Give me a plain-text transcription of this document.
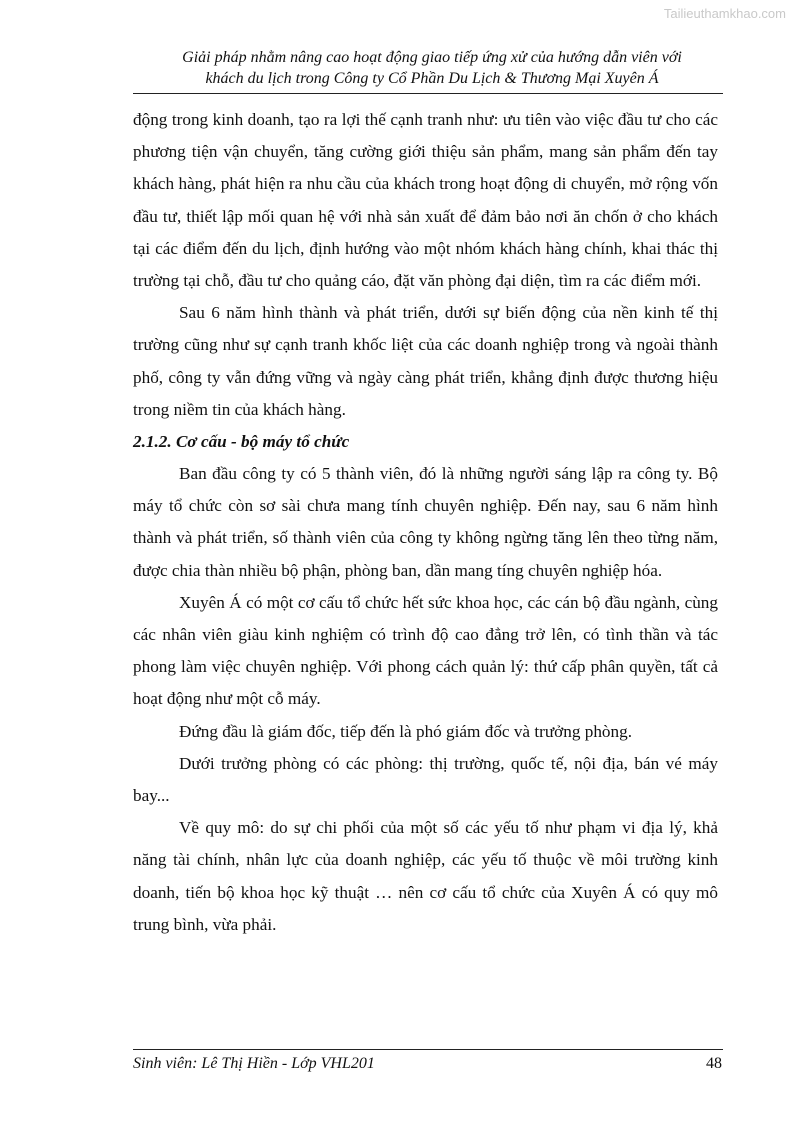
Tailieuthamkhao.com
Giải pháp nhằm nâng cao hoạt động giao tiếp ứng xử của hướng dẫn viên với
khách du lịch trong Công ty Cổ Phần Du Lịch & Thương Mại Xuyên Á

động trong kinh doanh, tạo ra lợi thế cạnh tranh như: ưu tiên vào việc đầu tư cho các phương tiện vận chuyển, tăng cường giới thiệu sản phẩm, mang sản phẩm đến tay khách hàng, phát hiện ra nhu cầu của khách trong hoạt động di chuyển, mở rộng vốn đầu tư, thiết lập mối quan hệ với nhà sản xuất để đảm bảo nơi ăn chốn ở cho khách tại các điểm đến du lịch, định hướng vào một nhóm khách hàng chính, khai thác thị trường tại chỗ, đầu tư cho quảng cáo, đặt văn phòng đại diện, tìm ra các điểm mới.

Sau 6 năm hình thành và phát triển, dưới sự biến động của nền kinh tế thị trường cũng như sự cạnh tranh khốc liệt của các doanh nghiệp trong và ngoài thành phố, công ty vẫn đứng vững và ngày càng phát triển, khẳng định được thương hiệu trong niềm tin của khách hàng.

2.1.2. Cơ cấu - bộ máy tổ chức

Ban đầu công ty có 5 thành viên, đó là những người sáng lập ra công ty. Bộ máy tổ chức còn sơ sài chưa mang tính chuyên nghiệp. Đến nay, sau 6 năm hình thành và phát triển, số thành viên của công ty không ngừng tăng lên theo từng năm, được chia thàn nhiều bộ phận, phòng ban, dần mang tíng chuyên nghiệp hóa.

Xuyên Á có một cơ cấu tổ chức hết sức khoa học, các cán bộ đầu ngành, cùng các nhân viên giàu kinh nghiệm có trình độ cao đẳng trở lên, có tình thần và tác phong làm việc chuyên nghiệp. Với phong cách quản lý: thứ cấp phân quyền, tất cả hoạt động như một cỗ máy.

Đứng đầu là giám đốc, tiếp đến là phó giám đốc và trưởng phòng.

Dưới trưởng phòng có các phòng: thị trường, quốc tế, nội địa, bán vé máy bay...

Về quy mô: do sự chi phối của một số các yếu tố như phạm vi địa lý, khả năng tài chính, nhân lực của doanh nghiệp, các yếu tố thuộc về môi trường kinh doanh, tiến bộ khoa học kỹ thuật … nên cơ cấu tổ chức của Xuyên Á có quy mô trung bình, vừa phải.

Sinh viên: Lê Thị Hiền - Lớp VHL201	48
